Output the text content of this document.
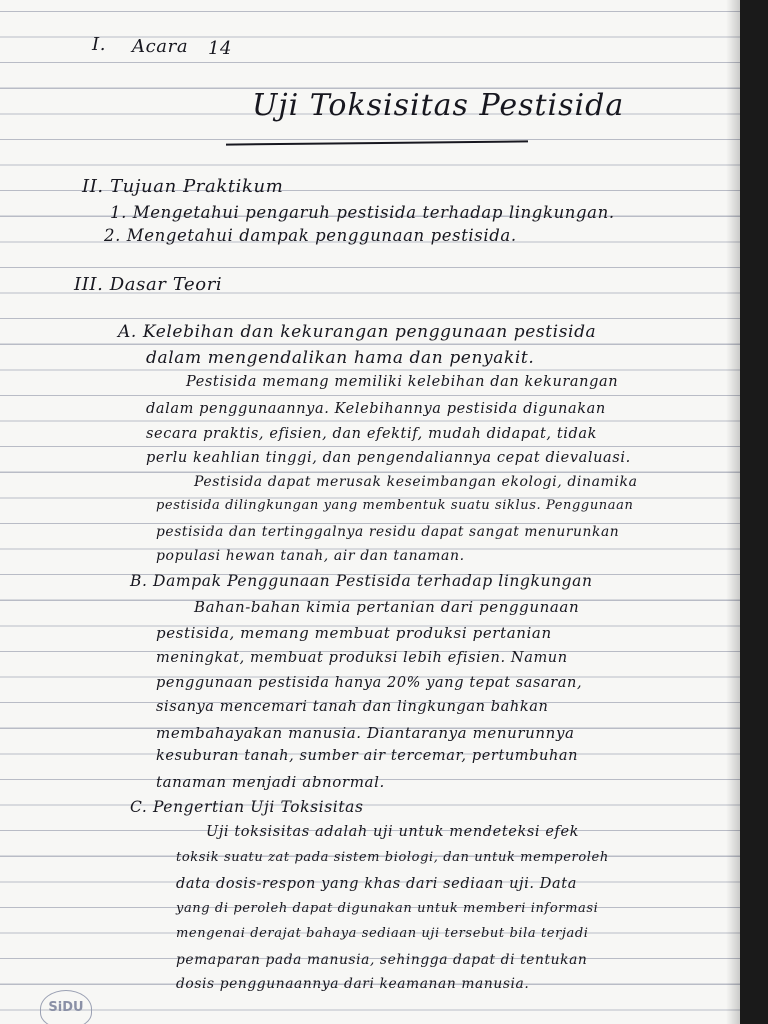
I. Acara 14
Uji Toksisitas Pestisida
II. Tujuan Praktikum
1. Mengetahui pengaruh pestisida terhadap lingkungan.
2. Mengetahui dampak penggunaan pestisida.
III. Dasar Teori
A. Kelebihan dan kekurangan penggunaan pestisida
dalam mengendalikan hama dan penyakit.
Pestisida memang memiliki kelebihan dan kekurangan
dalam penggunaannya. Kelebihannya pestisida digunakan
secara praktis, efisien, dan efektif, mudah didapat, tidak
perlu keahlian tinggi, dan pengendaliannya cepat dievaluasi.
Pestisida dapat merusak keseimbangan ekologi, dinamika
pestisida dilingkungan yang membentuk suatu siklus. Penggunaan
pestisida dan tertinggalnya residu dapat sangat menurunkan
populasi hewan tanah, air dan tanaman.
B. Dampak Penggunaan Pestisida terhadap lingkungan
Bahan-bahan kimia pertanian dari penggunaan
pestisida, memang membuat produksi pertanian
meningkat, membuat produksi lebih efisien. Namun
penggunaan pestisida hanya 20% yang tepat sasaran,
sisanya mencemari tanah dan lingkungan bahkan
membahayakan manusia. Diantaranya menurunnya
kesuburan tanah, sumber air tercemar, pertumbuhan
tanaman menjadi abnormal.
C. Pengertian Uji Toksisitas
Uji toksisitas adalah uji untuk mendeteksi efek
toksik suatu zat pada sistem biologi, dan untuk memperoleh
data dosis-respon yang khas dari sediaan uji. Data
yang di peroleh dapat digunakan untuk memberi informasi
mengenai derajat bahaya sediaan uji tersebut bila terjadi
pemaparan pada manusia, sehingga dapat di tentukan
dosis penggunaannya dari keamanan manusia.
SiDU
